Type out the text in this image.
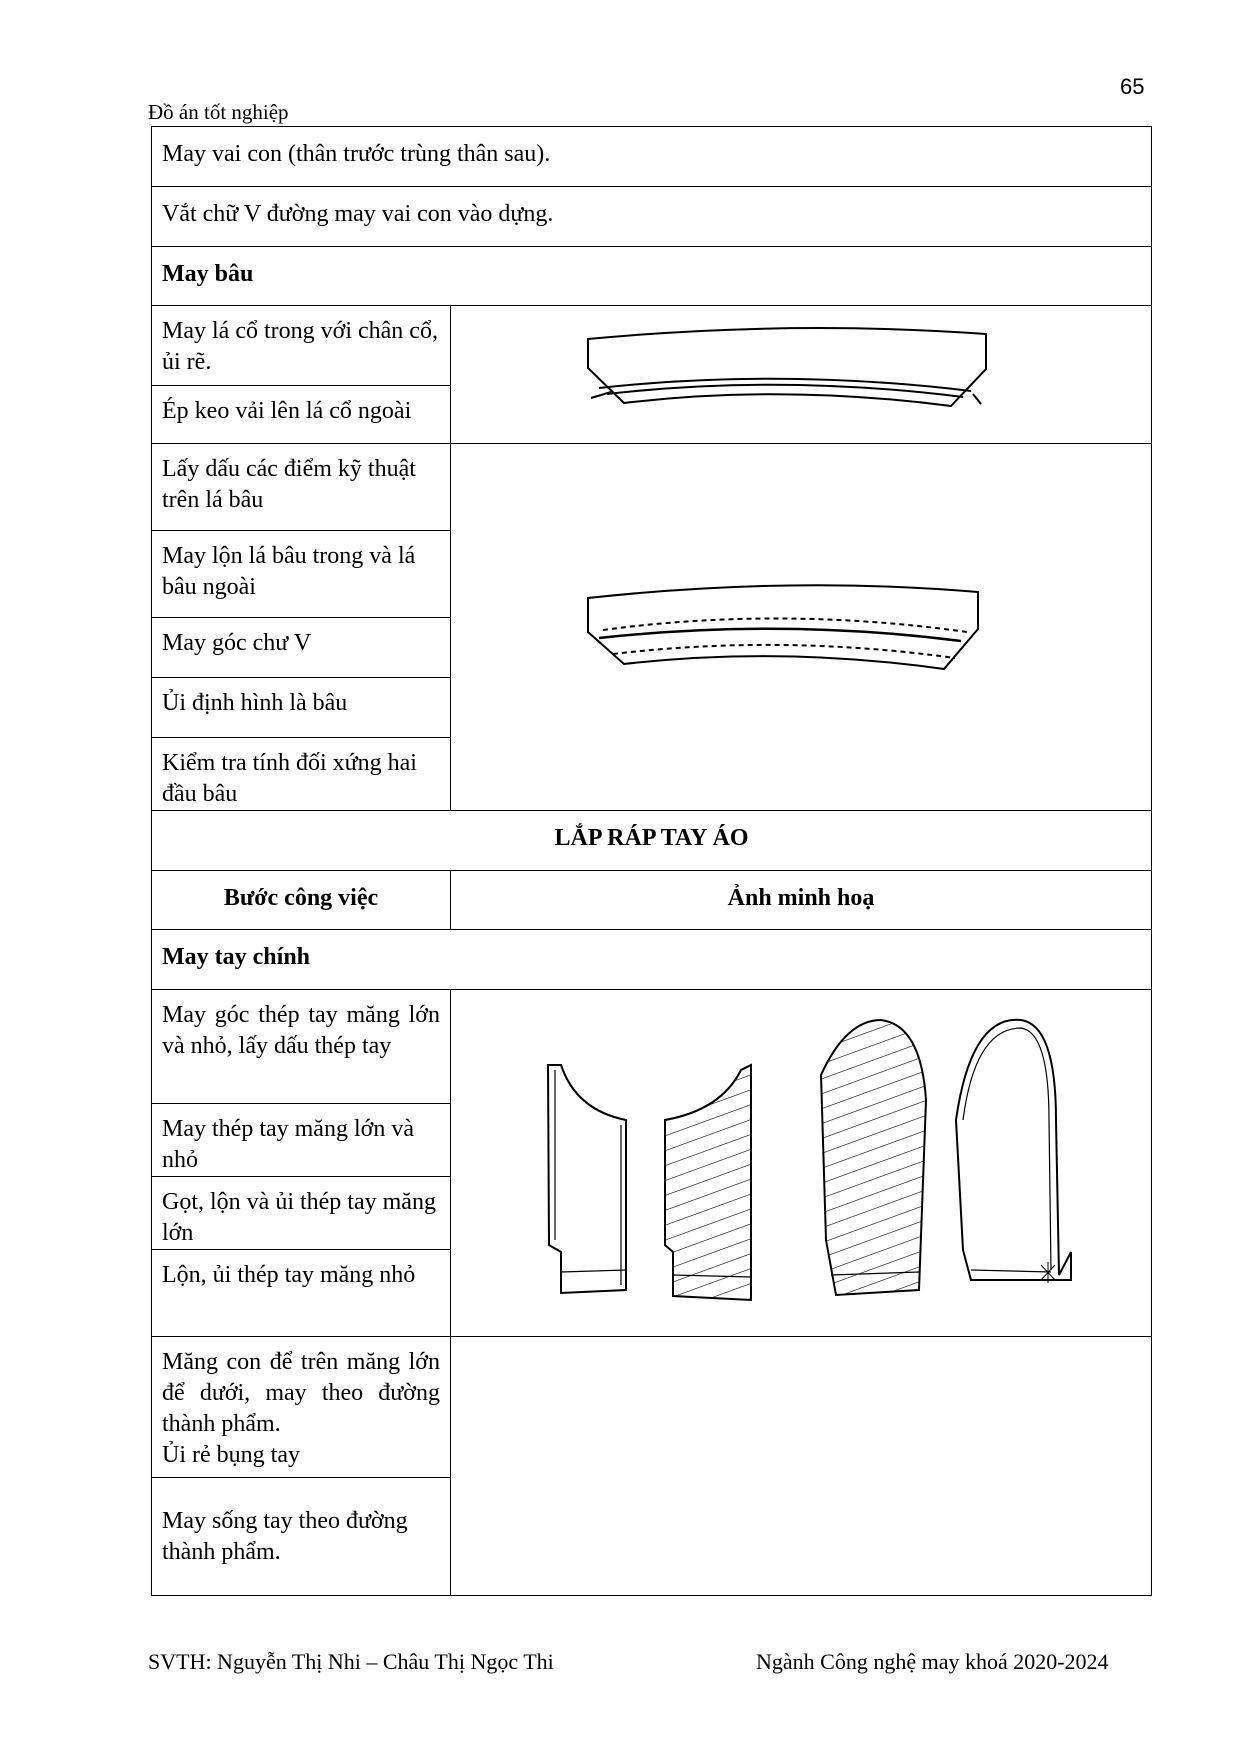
65
Đồ án tốt nghiệp
May vai con (thân trước trùng thân sau).	
Vắt chữ V đường may vai con vào dựng.	
May bâu	
May lá cổ trong với chân cổ, ủi rẽ.	

Ép keo vải lên lá cổ ngoài	
Lấy dấu các điểm kỹ thuật trên lá bâu	

May lộn lá bâu trong và lá bâu ngoài	
May góc chư V	
Ủi định hình là bâu	
Kiểm tra tính đối xứng hai đầu bâu	
LẮP RÁP TAY ÁO	
Bước công việc	Ảnh minh hoạ
May tay chính	
May góc thép tay măng lớn và nhỏ, lấy dấu thép tay	

May thép tay măng lớn và nhỏ	
Gọt, lộn và ủi thép tay măng lớn	
Lộn, ủi thép tay măng nhỏ	

Măng con để trên măng lớn để dưới, may theo đường thành phẩm.
Ủi rẻ bụng tay	

May sống tay theo đường thành phẩm.	
SVTH: Nguyễn Thị Nhi – Châu Thị Ngọc Thi	Ngành Công nghệ may khoá 2020-2024
